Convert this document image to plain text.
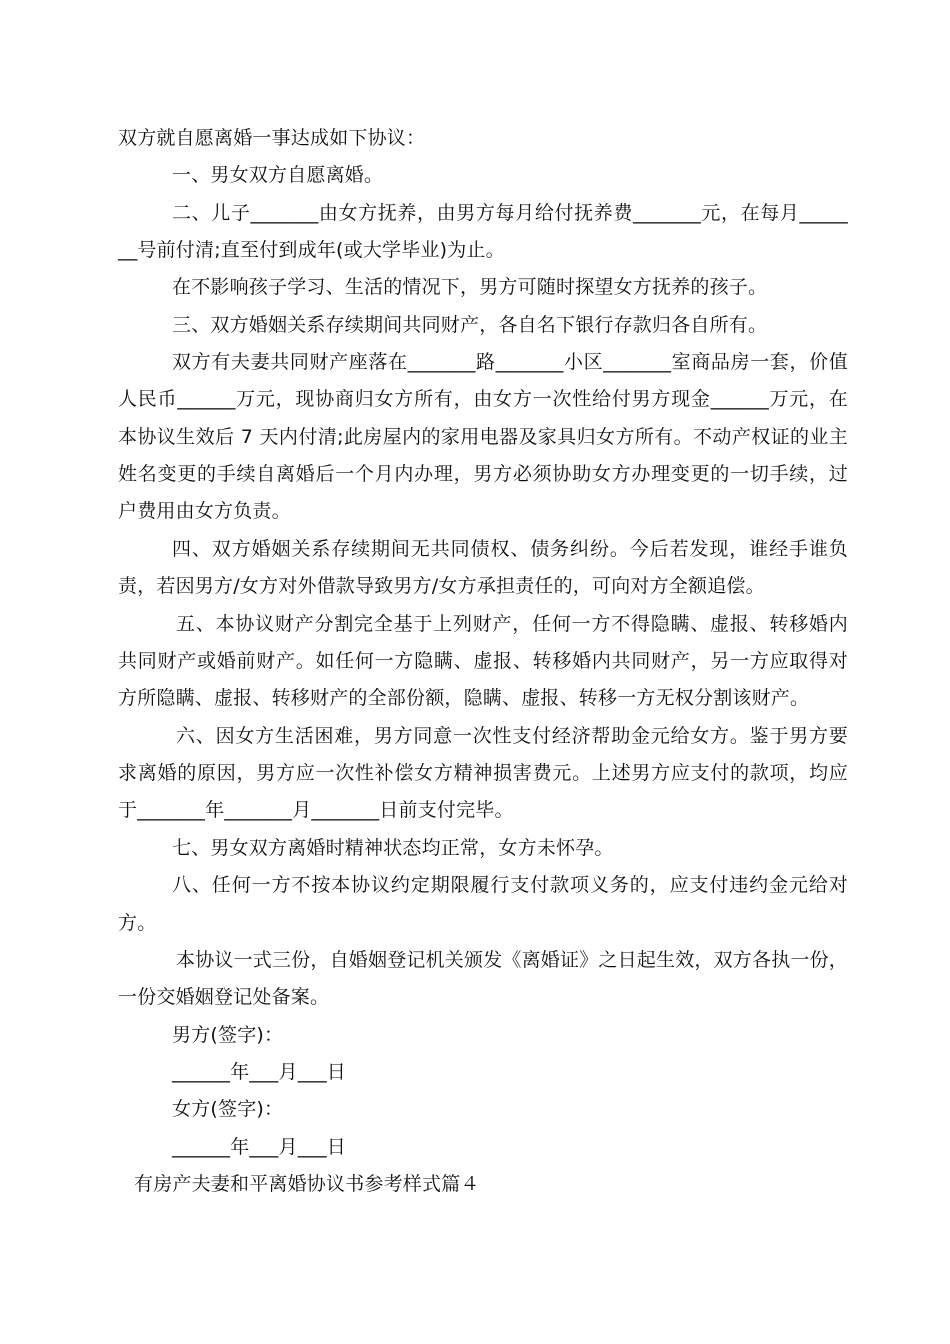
双方就自愿离婚一事达成如下协议：
一、男女双方自愿离婚。
二、儿子_______由女方抚养，由男方每月给付抚养费_______元，在每月_____
__号前付清;直至付到成年(或大学毕业)为止。
在不影响孩子学习、生活的情况下，男方可随时探望女方抚养的孩子。
三、双方婚姻关系存续期间共同财产，各自名下银行存款归各自所有。
双方有夫妻共同财产座落在_______路_______小区_______室商品房一套，价值
人民币______万元，现协商归女方所有，由女方一次性给付男方现金______万元，在
本协议生效后 7 天内付清;此房屋内的家用电器及家具归女方所有。不动产权证的业主
姓名变更的手续自离婚后一个月内办理，男方必须协助女方办理变更的一切手续，过
户费用由女方负责。
四、双方婚姻关系存续期间无共同债权、债务纠纷。今后若发现，谁经手谁负
责，若因男方/女方对外借款导致男方/女方承担责任的，可向对方全额追偿。
五、本协议财产分割完全基于上列财产，任何一方不得隐瞒、虚报、转移婚内
共同财产或婚前财产。如任何一方隐瞒、虚报、转移婚内共同财产，另一方应取得对
方所隐瞒、虚报、转移财产的全部份额，隐瞒、虚报、转移一方无权分割该财产。
六、因女方生活困难，男方同意一次性支付经济帮助金元给女方。鉴于男方要
求离婚的原因，男方应一次性补偿女方精神损害费元。上述男方应支付的款项，均应
于_______年_______月_______日前支付完毕。
七、男女双方离婚时精神状态均正常，女方未怀孕。
八、任何一方不按本协议约定期限履行支付款项义务的，应支付违约金元给对
方。
本协议一式三份，自婚姻登记机关颁发《离婚证》之日起生效，双方各执一份，
一份交婚姻登记处备案。
男方(签字)：
______年___月___日
女方(签字)：
______年___月___日
有房产夫妻和平离婚协议书参考样式篇４
